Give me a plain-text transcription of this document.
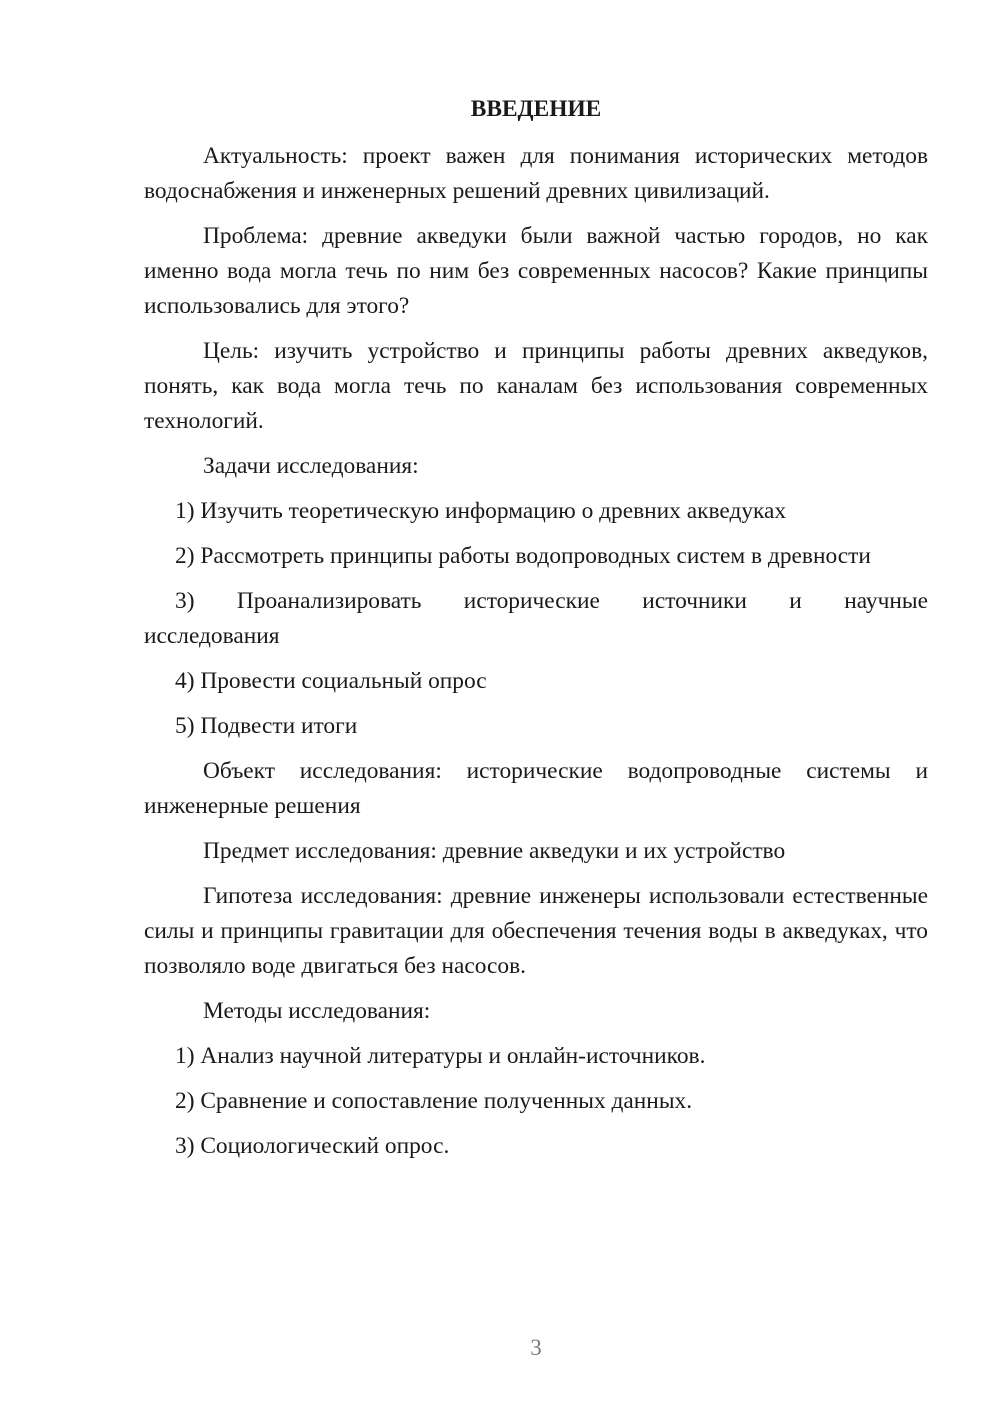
ВВЕДЕНИЕ

Актуальность: проект важен для понимания исторических методов водоснабжения и инженерных решений древних цивилизаций.

Проблема: древние акведуки были важной частью городов, но как именно вода могла течь по ним без современных насосов? Какие принципы использовались для этого?

Цель: изучить устройство и принципы работы древних акведуков, понять, как вода могла течь по каналам без использования современных технологий.

Задачи исследования:

1) Изучить теоретическую информацию о древних акведуках

2) Рассмотреть принципы работы водопроводных систем в древности

3) Проанализировать исторические источники и научные

исследования

4) Провести социальный опрос

5) Подвести итоги

Объект исследования: исторические водопроводные системы и инженерные решения

Предмет исследования: древние акведуки и их устройство

Гипотеза исследования: древние инженеры использовали естественные силы и принципы гравитации для обеспечения течения воды в акведуках, что позволяло воде двигаться без насосов.

Методы исследования:

1) Анализ научной литературы и онлайн-источников.

2) Сравнение и сопоставление полученных данных.

3) Социологический опрос.

3
